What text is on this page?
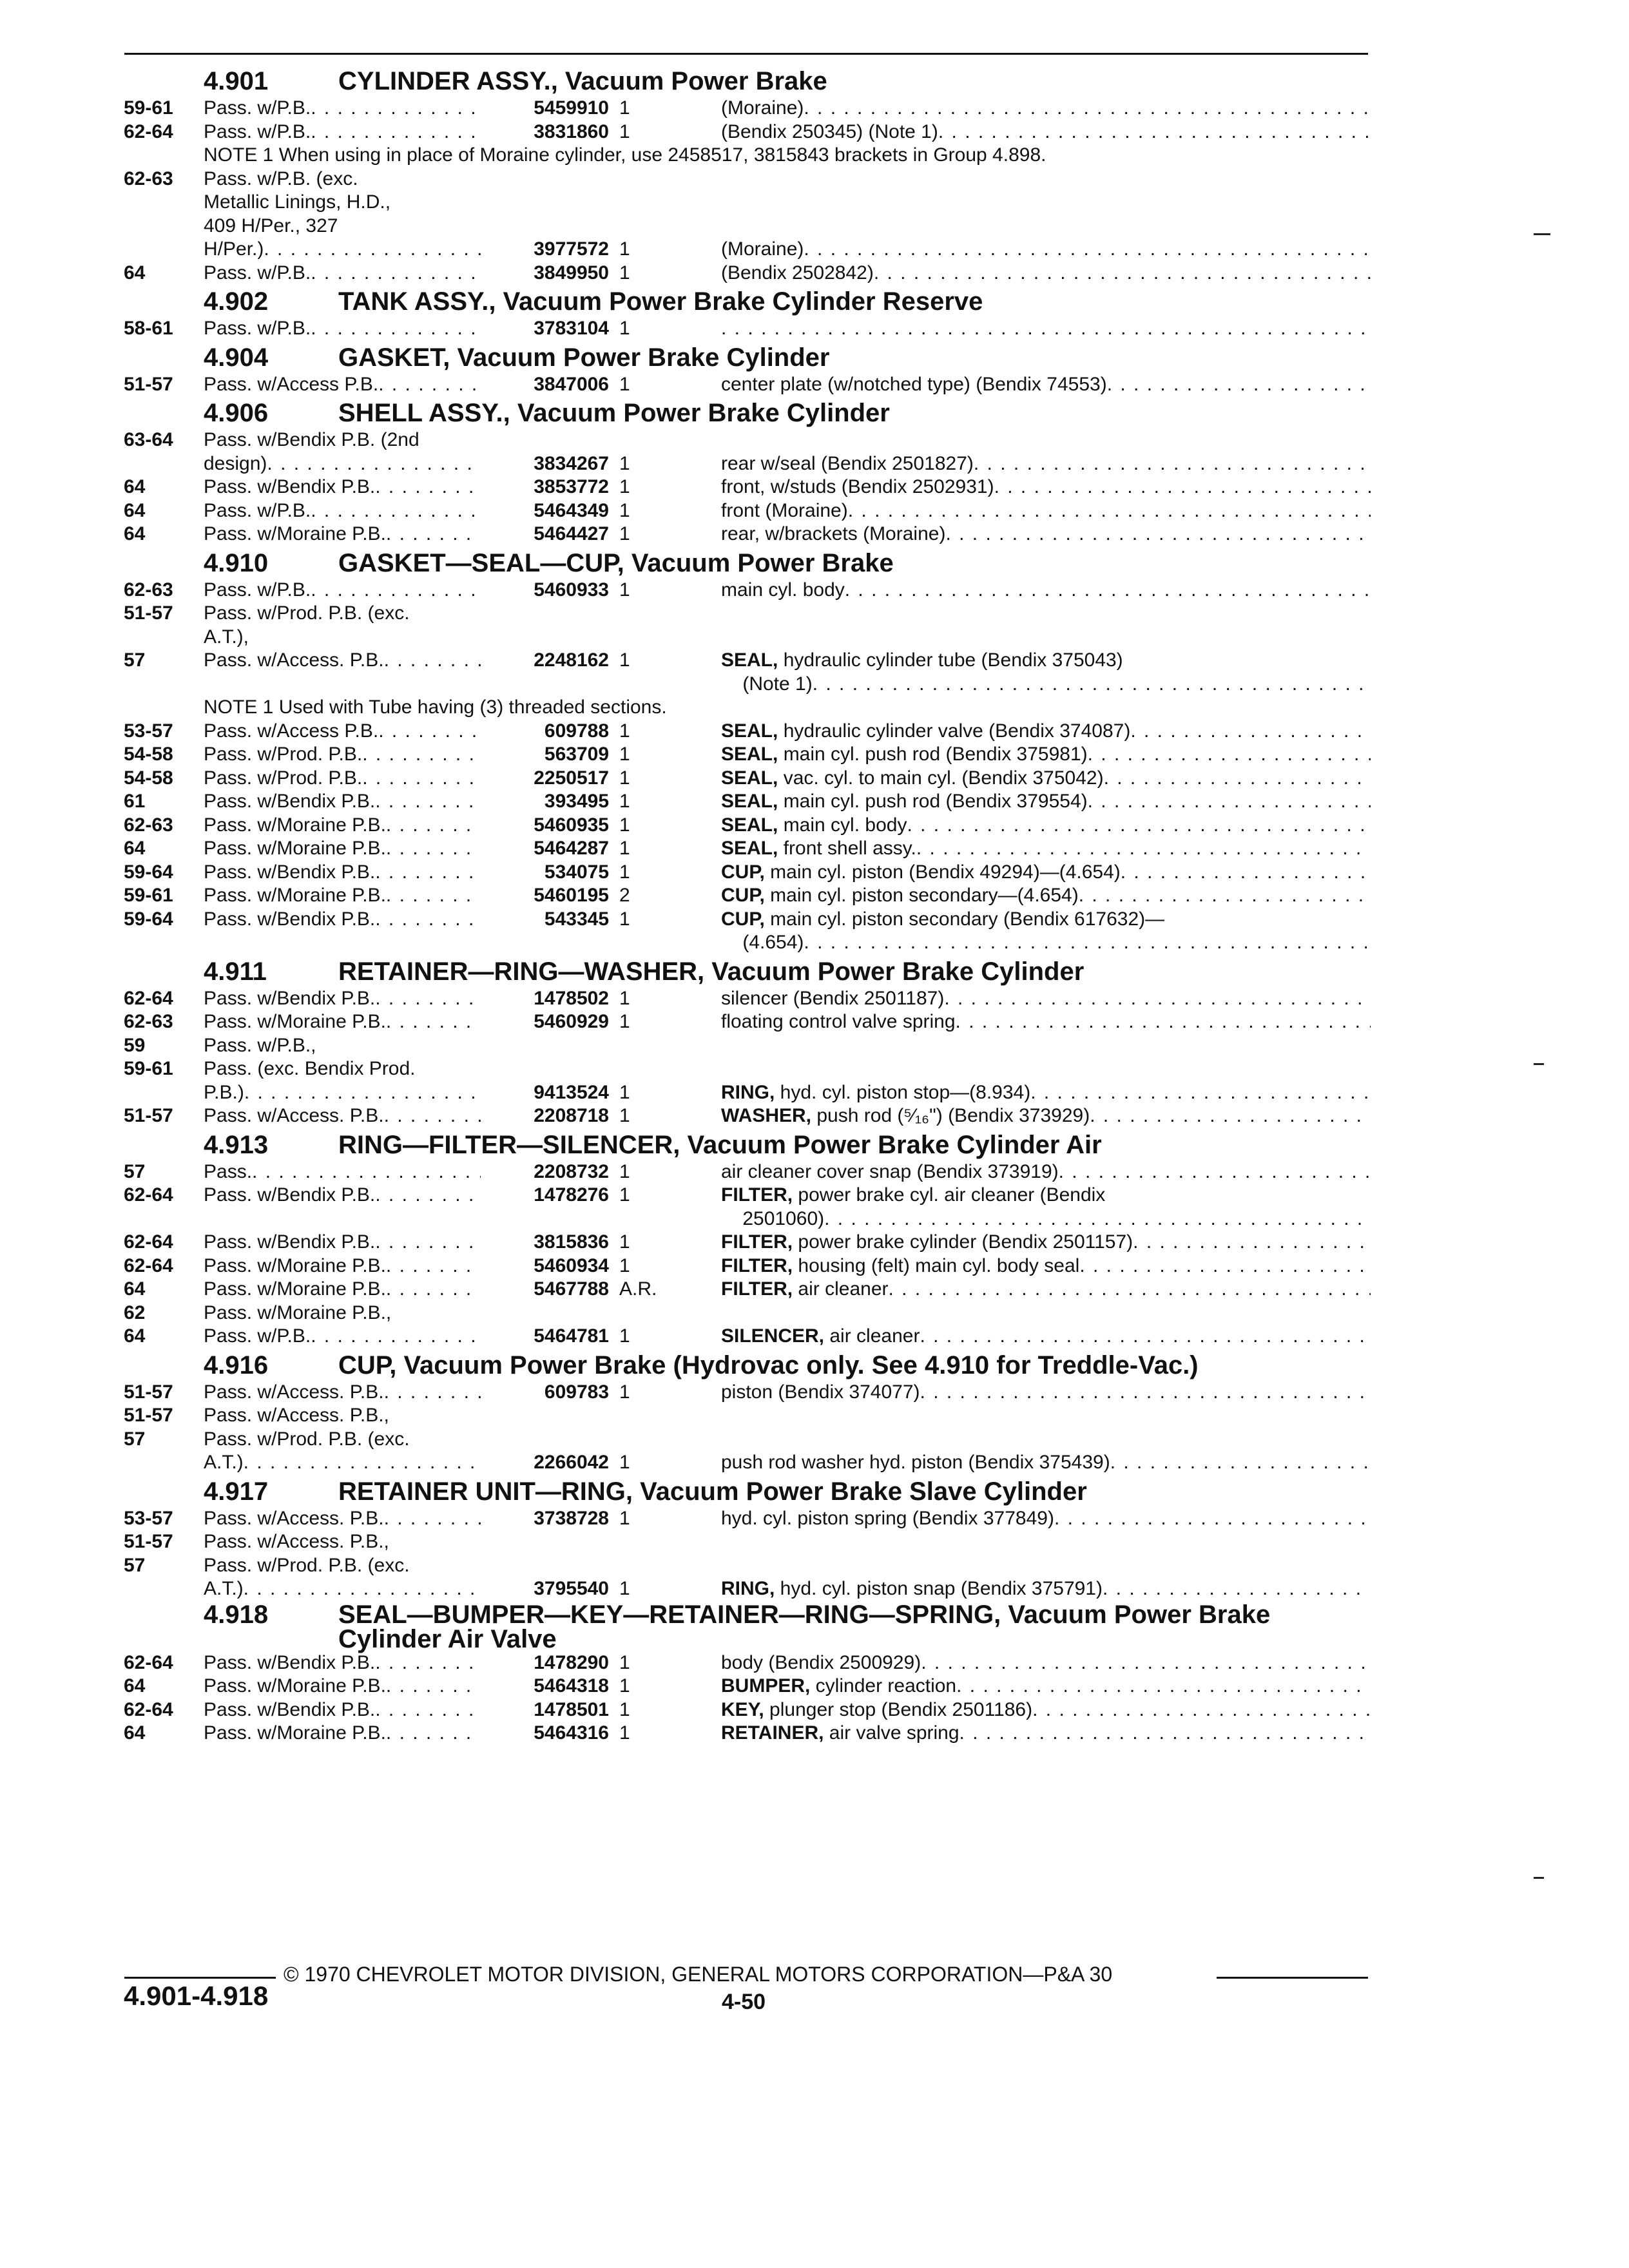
4.901	CYLINDER ASSY., Vacuum Power Brake
59-61	Pass. w/P.B. . . .	5459910 1	(Moraine)
. . .
62-64	Pass. w/P.B. . . .	3831860 1	(Bendix 250345) (Note 1)
. . .
NOTE 1 When using in place of Moraine cylinder, use 2458517, 3815843 brackets in Group 4.898.
62-63	Pass. w/P.B. (exc.
Metallic Linings, H.D.,
409 H/Per., 327
H/Per.) . . .	3977572 1	(Moraine)
. . .
64	Pass. w/P.B. . . .	3849950 1	(Bendix 2502842)
. . .
4.902	TANK ASSY., Vacuum Power Brake Cylinder Reserve
58-61	Pass. w/P.B. . . .	3783104 1
. . .
4.904	GASKET, Vacuum Power Brake Cylinder
51-57	Pass. w/Access P.B. . . .	3847006 1	center plate (w/notched type) (Bendix 74553)
. . .
4.906	SHELL ASSY., Vacuum Power Brake Cylinder
63-64	Pass. w/Bendix P.B. (2nd
design) . . .	3834267 1	rear w/seal (Bendix 2501827)
. . .
64	Pass. w/Bendix P.B. . . .	3853772 1	front, w/studs (Bendix 2502931)
. . .
64	Pass. w/P.B. . . .	5464349 1	front (Moraine)
. . .
64	Pass. w/Moraine P.B. . . .	5464427 1	rear, w/brackets (Moraine)
. . .
4.910	GASKET—SEAL—CUP, Vacuum Power Brake
62-63	Pass. w/P.B. . . .	5460933 1	main cyl. body
. . .
51-57	Pass. w/Prod. P.B. (exc.
A.T.),
57	Pass. w/Access. P.B. . . .	2248162 1	SEAL, hydraulic cylinder tube (Bendix 375043)
(Note 1)
. . .
NOTE 1 Used with Tube having (3) threaded sections.
53-57	Pass. w/Access P.B. . . .	609788 1	SEAL, hydraulic cylinder valve (Bendix 374087)
. . .
54-58	Pass. w/Prod. P.B. . . .	563709 1	SEAL, main cyl. push rod (Bendix 375981)
. . .
54-58	Pass. w/Prod. P.B. . . .	2250517 1	SEAL, vac. cyl. to main cyl. (Bendix 375042)
. . .
61	Pass. w/Bendix P.B. . . .	393495 1	SEAL, main cyl. push rod (Bendix 379554)
. . .
62-63	Pass. w/Moraine P.B. . . .	5460935 1	SEAL, main cyl. body
. . .
64	Pass. w/Moraine P.B. . . .	5464287 1	SEAL, front shell assy.
. . .
59-64	Pass. w/Bendix P.B. . . .	534075 1	CUP, main cyl. piston (Bendix 49294)—(4.654)
. . .
59-61	Pass. w/Moraine P.B. . . .	5460195 2	CUP, main cyl. piston secondary—(4.654)
. . .
59-64	Pass. w/Bendix P.B. . . .	543345 1	CUP, main cyl. piston secondary (Bendix 617632)—
(4.654)
. . .
4.911	RETAINER—RING—WASHER, Vacuum Power Brake Cylinder
62-64	Pass. w/Bendix P.B. . . .	1478502 1	silencer (Bendix 2501187)
. . .
62-63	Pass. w/Moraine P.B. . . .	5460929 1	floating control valve spring
. . .
59	Pass. w/P.B.,
59-61	Pass. (exc. Bendix Prod.
P.B.) . . .	9413524 1	RING, hyd. cyl. piston stop—(8.934)
. . .
51-57	Pass. w/Access. P.B. . . .	2208718 1	WASHER, push rod (⁵⁄₁₆") (Bendix 373929)
. . .
4.913	RING—FILTER—SILENCER, Vacuum Power Brake Cylinder Air
57	Pass. . . .	2208732 1	air cleaner cover snap (Bendix 373919)
. . .
62-64	Pass. w/Bendix P.B. . . .	1478276 1	FILTER, power brake cyl. air cleaner (Bendix
2501060)
. . .
62-64	Pass. w/Bendix P.B. . . .	3815836 1	FILTER, power brake cylinder (Bendix 2501157)
. . .
62-64	Pass. w/Moraine P.B. . . .	5460934 1	FILTER, housing (felt) main cyl. body seal
. . .
64	Pass. w/Moraine P.B. . . .	5467788 A.R.	FILTER, air cleaner
. . .
62	Pass. w/Moraine P.B.,
64	Pass. w/P.B. . . .	5464781 1	SILENCER, air cleaner
. . .
4.916	CUP, Vacuum Power Brake (Hydrovac only. See 4.910 for Treddle-Vac.)
51-57	Pass. w/Access. P.B. . . .	609783 1	piston (Bendix 374077)
. . .
51-57	Pass. w/Access. P.B.,
57	Pass. w/Prod. P.B. (exc.
A.T.) . . .	2266042 1	push rod washer hyd. piston (Bendix 375439)
. . .
4.917	RETAINER UNIT—RING, Vacuum Power Brake Slave Cylinder
53-57	Pass. w/Access. P.B. . . .	3738728 1	hyd. cyl. piston spring (Bendix 377849)
. . .
51-57	Pass. w/Access. P.B.,
57	Pass. w/Prod. P.B. (exc.
A.T.) . . .	3795540 1	RING, hyd. cyl. piston snap (Bendix 375791)
. . .
4.918	SEAL—BUMPER—KEY—RETAINER—RING—SPRING, Vacuum Power Brake Cylinder Air Valve
62-64	Pass. w/Bendix P.B. . . .	1478290 1	body (Bendix 2500929)
. . .
64	Pass. w/Moraine P.B. . . .	5464318 1	BUMPER, cylinder reaction
. . .
62-64	Pass. w/Bendix P.B. . . .	1478501 1	KEY, plunger stop (Bendix 2501186)
. . .
64	Pass. w/Moraine P.B. . . .	5464316 1	RETAINER, air valve spring
. . .
© 1970 CHEVROLET MOTOR DIVISION, GENERAL MOTORS CORPORATION—P&A 30
4.901-4.918	4-50
